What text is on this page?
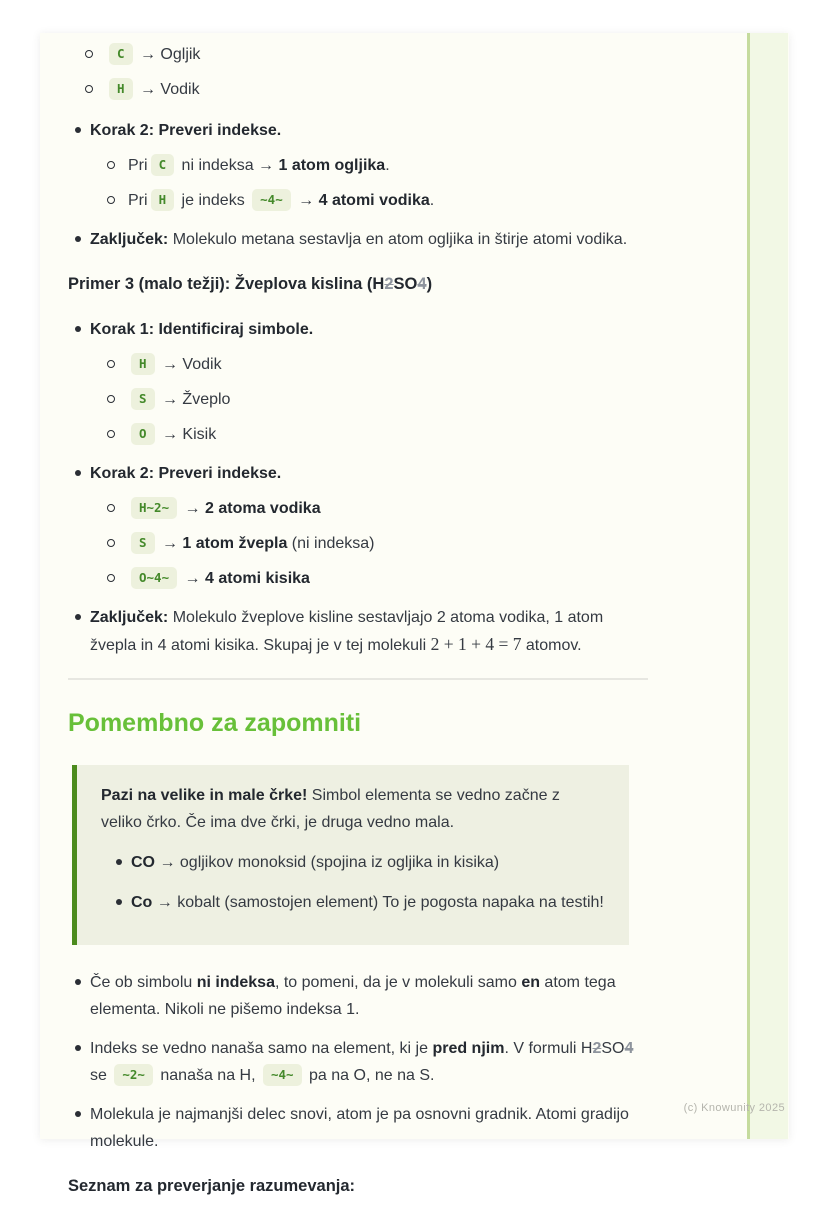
C → Ogljik
H → Vodik
Korak 2: Preveri indekse.
Pri C ni indeksa → 1 atom ogljika.
Pri H je indeks ~4~ → 4 atomi vodika.
Zaključek: Molekulo metana sestavlja en atom ogljika in štirje atomi vodika.

Primer 3 (malo težji): Žveplova kislina (H2SO4)

Korak 1: Identificiraj simbole.
H → Vodik
S → Žveplo
O → Kisik
Korak 2: Preveri indekse.
H~2~ → 2 atoma vodika
S → 1 atom žvepla (ni indeksa)
O~4~ → 4 atomi kisika
Zaključek: Molekulo žveplove kisline sestavljajo 2 atoma vodika, 1 atom žvepla in 4 atomi kisika. Skupaj je v tej molekuli 2 + 1 + 4 = 7 atomov.
Pomembno za zapomniti

Pazi na velike in male črke! Simbol elementa se vedno začne z veliko črko. Če ima dve črki, je druga vedno mala.

CO → ogljikov monoksid (spojina iz ogljika in kisika)
Co → kobalt (samostojen element) To je pogosta napaka na testih!
Če ob simbolu ni indeksa, to pomeni, da je v molekuli samo en atom tega elementa. Nikoli ne pišemo indeksa 1.
Indeks se vedno nanaša samo na element, ki je pred njim. V formuli H2SO4 se ~2~ nanaša na H, ~4~ pa na O, ne na S.
Molekula je najmanjši delec snovi, atom je pa osnovni gradnik. Atomi gradijo molekule.

Seznam za preverjanje razumevanja:

(c) Knowunity 2025
